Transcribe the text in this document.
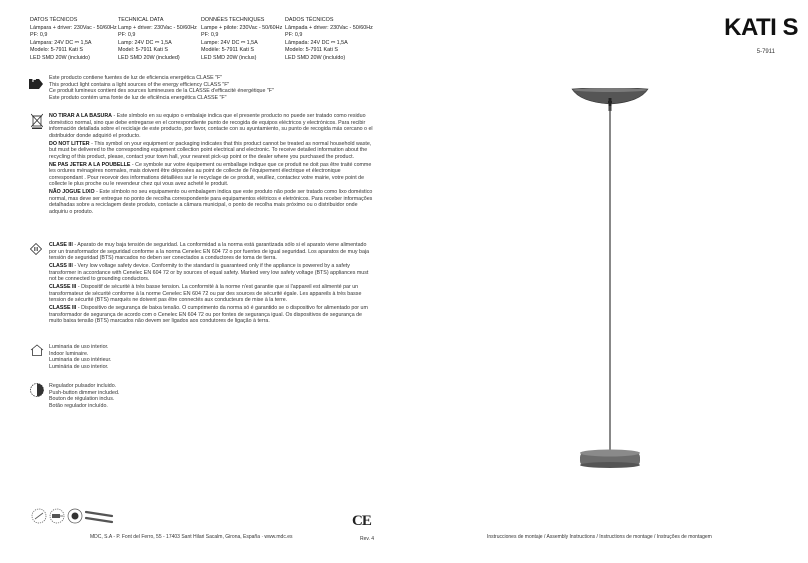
DATOS TÉCNICOS
Lámpara + driver: 230Vac - 50/60Hz
PF: 0,9
Lámpara: 24V DC ⎓ 1,5A
Modelo: 5-7911 Kati S
LED SMD 20W (incluido)
TECHNICAL DATA
Lamp + driver: 230Vac - 50/60Hz
PF: 0,9
Lamp: 24V DC ⎓ 1,5A
Model: 5-7911 Kati S
LED SMD 20W (included)
DONNÉES TECHNIQUES
Lampe + pilote: 230Vac - 50/60Hz
PF: 0,9
Lampe: 24V DC ⎓ 1,5A
Modèle: 5-7911 Kati S
LED SMD 20W (inclus)
DADOS TÉCNICOS
Lâmpada + driver: 230Vac - 50/60Hz
PF: 0,9
Lâmpada: 24V DC ⎓ 1,5A
Modelo: 5-7911 Kati S
LED SMD 20W (incluído)
KATI S
5-7911
F Este producto contiene fuentes de luz de eficiencia energética CLASE "F"
This product light contains a light sources of the energy efficiency CLASS "F"
Ce produit lumineux contient des sources lumineuses de la CLASSE d'efficacité énergétique "F"
Este produto contém uma fonte de luz de eficiência energética CLASSE "F"

NO TIRAR A LA BASURA - Este símbolo en su equipo o embalaje indica que el presente producto no puede ser tratado como residuo doméstico normal, sino que debe entregarse en el correspondiente punto de recogida de equipos eléctricos y electrónicos. Para recibir información detallada sobre el reciclaje de este producto, por favor, contacte con su ayuntamiento, su punto de recogida más cercano o el distribuidor donde adquirió el producto.

DO NOT LITTER - This symbol on your equipment or packaging indicates that this product cannot be treated as normal household waste, but must be delivered to the corresponding equipment collection point electrical and electronic. To receive detailed information about the recycling of this product, please, contact your town hall, your nearest pick-up point or the dealer where you purchased the product.

NE PAS JETER A LA POUBELLE - Ce symbole sur votre équipement ou emballage indique que ce produit ne doit pas être traité comme les ordures ménagères normales, mais doivent être déposées au point de collecte de l'équipement électrique et électronique correspondant . Pour recevoir des informations détaillées sur le recyclage de ce produit, veuillez, contactez votre mairie, votre point de collecte le plus proche ou le revendeur chez qui vous avez acheté le produit.

NÃO JOGUE LIXO - Este símbolo no seu equipamento ou embalagem indica que este produto não pode ser tratado como lixo doméstico normal, mas deve ser entregue no ponto de recolha correspondente para equipamentos elétricos e eletrónicos. Para receber informações detalhadas sobre a reciclagem deste produto, contacte a câmara municipal, o ponto de recolha mais próximo ou o distribuidor onde adquiriu o produto.

CLASE III - Aparato de muy baja tensión de seguridad. La conformidad a la norma está garantizada sólo si el aparato viene alimentado por un transformador de seguridad conforme a la norma Cenelec EN 604 72 o por fuentes de igual seguridad. Los aparatos de muy baja tensión de seguridad (BTS) marcados no deben ser conectados a conductores de toma de tierra.

CLASS III - Very low voltage safety device. Conformity to the standard is guaranteed only if the appliance is powered by a safety transformer in accordance with Cenelec EN 604 72 or by sources of equal safety. Marked very low safety voltage (BTS) appliances must not be connected to grounding conductors.

CLASSE III - Dispositif de sécurité à très basse tension. La conformité à la norme n'est garantie que si l'appareil est alimenté par un transformateur de sécurité conforme à la norme Cenelec EN 604 72 ou par des sources de sécurité égale. Les appareils à très basse tension de sécurité (BTS) marqués ne doivent pas être connectés aux conducteurs de mise à la terre.

CLASSE III - Dispositivo de segurança de baixa tensão. O cumprimento da norma só é garantido se o dispositivo for alimentado por um transformador de segurança de acordo com o Cenelec EN 604 72 ou por fontes de segurança igual. Os dispositivos de segurança de muito baixa tensão (BTS) marcados não devem ser ligados aos condutores de ligação à terra.

Luminaria de uso interior.
Indoor luminaire.
Luminaria de uso intérieur.
Luminária de uso interior.
Regulador pulsador incluido.
Push-button dimmer included.
Bouton de régulation inclus.
Botão regulador incluído.
MDC, S.A - P. Font del Ferro, 55 - 17403 Sant Hilari Sacalm, Girona, España · www.mdc.es
CE
Rev. 4	Instrucciones de montaje / Assembly Instructions / Instructions de montage / Instruções de montagem
